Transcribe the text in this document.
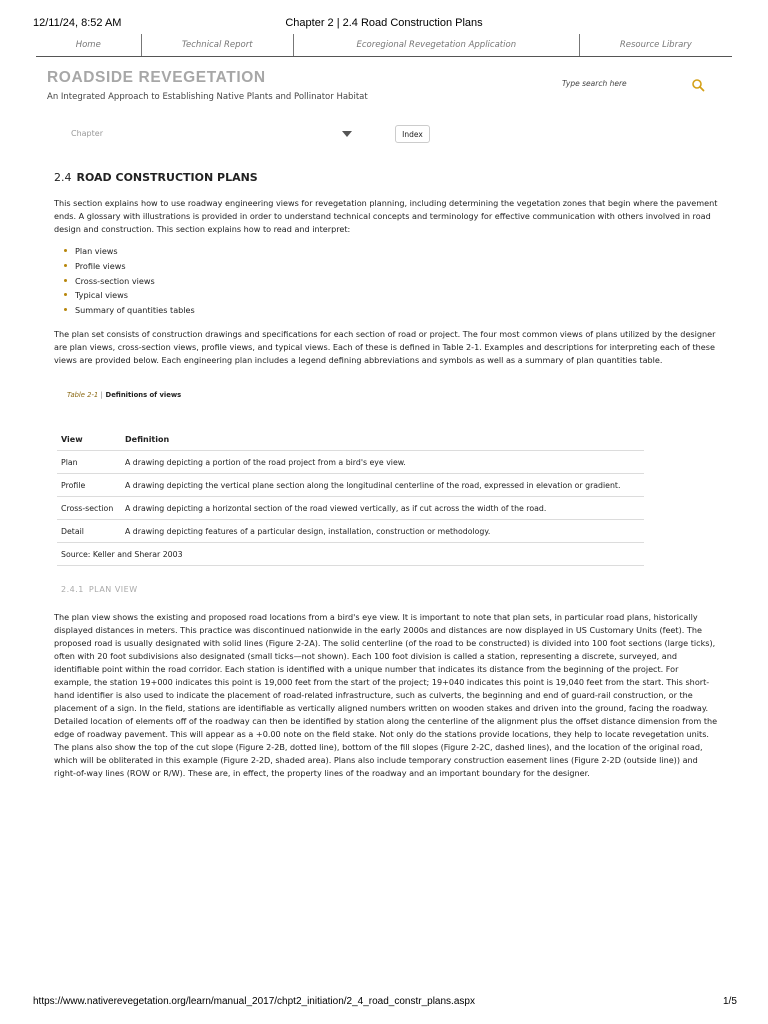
12/11/24, 8:52 AM	Chapter 2 | 2.4 Road Construction Plans
Home	Technical Report	Ecoregional Revegetation Application	Resource Library
ROADSIDE REVEGETATION
An Integrated Approach to Establishing Native Plants and Pollinator Habitat
Type search here
Chapter	Index
2.4 ROAD CONSTRUCTION PLANS

This section explains how to use roadway engineering views for revegetation planning, including determining the vegetation zones that begin where the pavement ends. A glossary with illustrations is provided in order to understand technical concepts and terminology for effective communication with others involved in road design and construction. This section explains how to read and interpret:

Plan views
Profile views
Cross-section views
Typical views
Summary of quantities tables

The plan set consists of construction drawings and specifications for each section of road or project. The four most common views of plans utilized by the designer are plan views, cross-section views, profile views, and typical views. Each of these is defined in Table 2-1. Examples and descriptions for interpreting each of these views are provided below. Each engineering plan includes a legend defining abbreviations and symbols as well as a summary of plan quantities table.

Table 2-1 | Definitions of views
View	Definition
Plan	A drawing depicting a portion of the road project from a bird's eye view.
Profile	A drawing depicting the vertical plane section along the longitudinal centerline of the road, expressed in elevation or gradient.
Cross-section	A drawing depicting a horizontal section of the road viewed vertically, as if cut across the width of the road.
Detail	A drawing depicting features of a particular design, installation, construction or methodology.
Source: Keller and Sherar 2003	
2.4.1 PLAN VIEW

The plan view shows the existing and proposed road locations from a bird's eye view. It is important to note that plan sets, in particular road plans, historically displayed distances in meters. This practice was discontinued nationwide in the early 2000s and distances are now displayed in US Customary Units (feet). The proposed road is usually designated with solid lines (Figure 2-2A). The solid centerline (of the road to be constructed) is divided into 100 foot sections (large ticks), often with 20 foot subdivisions also designated (small ticks—not shown). Each 100 foot division is called a station, representing a discrete, surveyed, and identifiable point within the road corridor. Each station is identified with a unique number that indicates its distance from the beginning of the project. For example, the station 19+000 indicates this point is 19,000 feet from the start of the project; 19+040 indicates this point is 19,040 feet from the start. This short-hand identifier is also used to indicate the placement of road-related infrastructure, such as culverts, the beginning and end of guard-rail construction, or the placement of a sign. In the field, stations are identifiable as vertically aligned numbers written on wooden stakes and driven into the ground, facing the roadway. Detailed location of elements off of the roadway can then be identified by station along the centerline of the alignment plus the offset distance dimension from the edge of roadway pavement. This will appear as a +0.00 note on the field stake. Not only do the stations provide locations, they help to locate revegetation units. The plans also show the top of the cut slope (Figure 2-2B, dotted line), bottom of the fill slopes (Figure 2-2C, dashed lines), and the location of the original road, which will be obliterated in this example (Figure 2-2D, shaded area). Plans also include temporary construction easement lines (Figure 2-2D (outside line)) and right-of-way lines (ROW or R/W). These are, in effect, the property lines of the roadway and an important boundary for the designer.

https://www.nativerevegetation.org/learn/manual_2017/chpt2_initiation/2_4_road_constr_plans.aspx	1/5
